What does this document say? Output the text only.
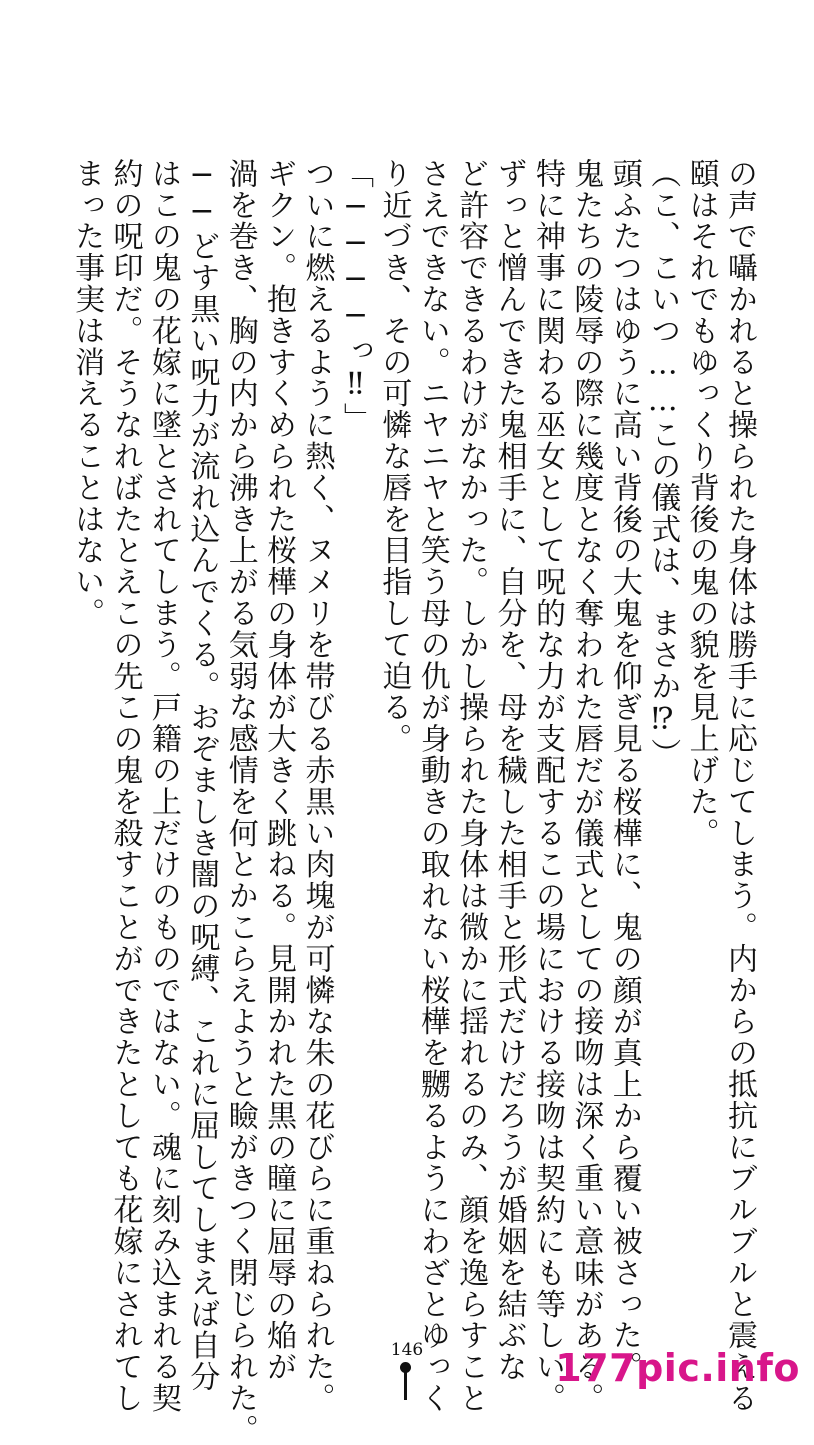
の声で囁かれると操られた身体は勝手に応じてしまう。内からの抵抗にブルブルと震える
頤はそれでもゆっくり背後の鬼の貌を見上げた。
（こ、こいつ……この儀式は、まさか⁉）
頭ふたつはゆうに高い背後の大鬼を仰ぎ見る桜樺に、鬼の顔が真上から覆い被さった。
鬼たちの陵辱の際に幾度となく奪われた唇だが儀式としての接吻は深く重い意味がある。
特に神事に関わる巫女として呪的な力が支配するこの場における接吻は契約にも等しい。
ずっと憎んできた鬼相手に、自分を、母を穢した相手と形式だけだろうが婚姻を結ぶな
ど許容できるわけがなかった。しかし操られた身体は微かに揺れるのみ、顔を逸らすこと
さえできない。ニヤニヤと笑う母の仇が身動きの取れない桜樺を嬲るようにわざとゆっく
り近づき、その可憐な唇を目指して迫る。
「────っ‼」
ついに燃えるように熱く、ヌメリを帯びる赤黒い肉塊が可憐な朱の花びらに重ねられた。
ギクン。抱きすくめられた桜樺の身体が大きく跳ねる。見開かれた黒の瞳に屈辱の焔が
渦を巻き、胸の内から沸き上がる気弱な感情を何とかこらえようと瞼がきつく閉じられた。
──どす黒い呪力が流れ込んでくる。おぞましき闇の呪縛、これに屈してしまえば自分
はこの鬼の花嫁に墜とされてしまう。戸籍の上だけのものではない。魂に刻み込まれる契
約の呪印だ。そうなればたとえこの先この鬼を殺すことができたとしても花嫁にされてし
まった事実は消えることはない。
146	177pic.info
